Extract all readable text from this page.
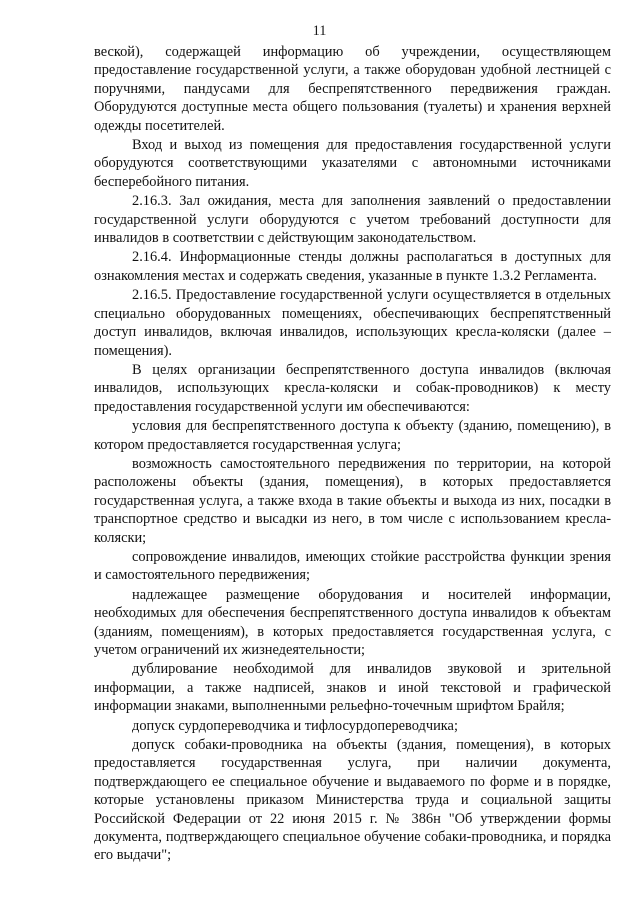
11

веской), содержащей информацию об учреждении, осуществляющем предоставление государственной услуги, а также оборудован удобной лестницей с поручнями, пандусами для беспрепятственного передвижения граждан. Оборудуются доступные места общего пользования (туалеты) и хранения верхней одежды посетителей.

Вход и выход из помещения для предоставления государственной услуги оборудуются соответствующими указателями с автономными источниками бесперебойного питания.

2.16.3. Зал ожидания, места для заполнения заявлений о предоставлении государственной услуги оборудуются с учетом требований доступности для инвалидов в соответствии с действующим законодательством.

2.16.4. Информационные стенды должны располагаться в доступных для ознакомления местах и содержать сведения, указанные в пункте 1.3.2 Регламента.

2.16.5. Предоставление государственной услуги осуществляется в отдельных специально оборудованных помещениях, обеспечивающих беспрепятственный доступ инвалидов, включая инвалидов, использующих кресла-коляски (далее – помещения).

В целях организации беспрепятственного доступа инвалидов (включая инвалидов, использующих кресла-коляски и собак-проводников) к месту предоставления государственной услуги им обеспечиваются:

условия для беспрепятственного доступа к объекту (зданию, помещению), в котором предоставляется государственная услуга;

возможность самостоятельного передвижения по территории, на которой расположены объекты (здания, помещения), в которых предоставляется государственная услуга, а также входа в такие объекты и выхода из них, посадки в транспортное средство и высадки из него, в том числе с использованием кресла-коляски;

сопровождение инвалидов, имеющих стойкие расстройства функции зрения и самостоятельного передвижения;

надлежащее размещение оборудования и носителей информации, необходимых для обеспечения беспрепятственного доступа инвалидов к объектам (зданиям, помещениям), в которых предоставляется государственная услуга, с учетом ограничений их жизнедеятельности;

дублирование необходимой для инвалидов звуковой и зрительной информации, а также надписей, знаков и иной текстовой и графической информации знаками, выполненными рельефно-точечным шрифтом Брайля;

допуск сурдопереводчика и тифлосурдопереводчика;

допуск собаки-проводника на объекты (здания, помещения), в которых предоставляется государственная услуга, при наличии документа, подтверждающего ее специальное обучение и выдаваемого по форме и в порядке, которые установлены приказом Министерства труда и социальной защиты Российской Федерации от 22 июня 2015 г. № 386н "Об утверждении формы документа, подтверждающего специальное обучение собаки-проводника, и порядка его выдачи";
